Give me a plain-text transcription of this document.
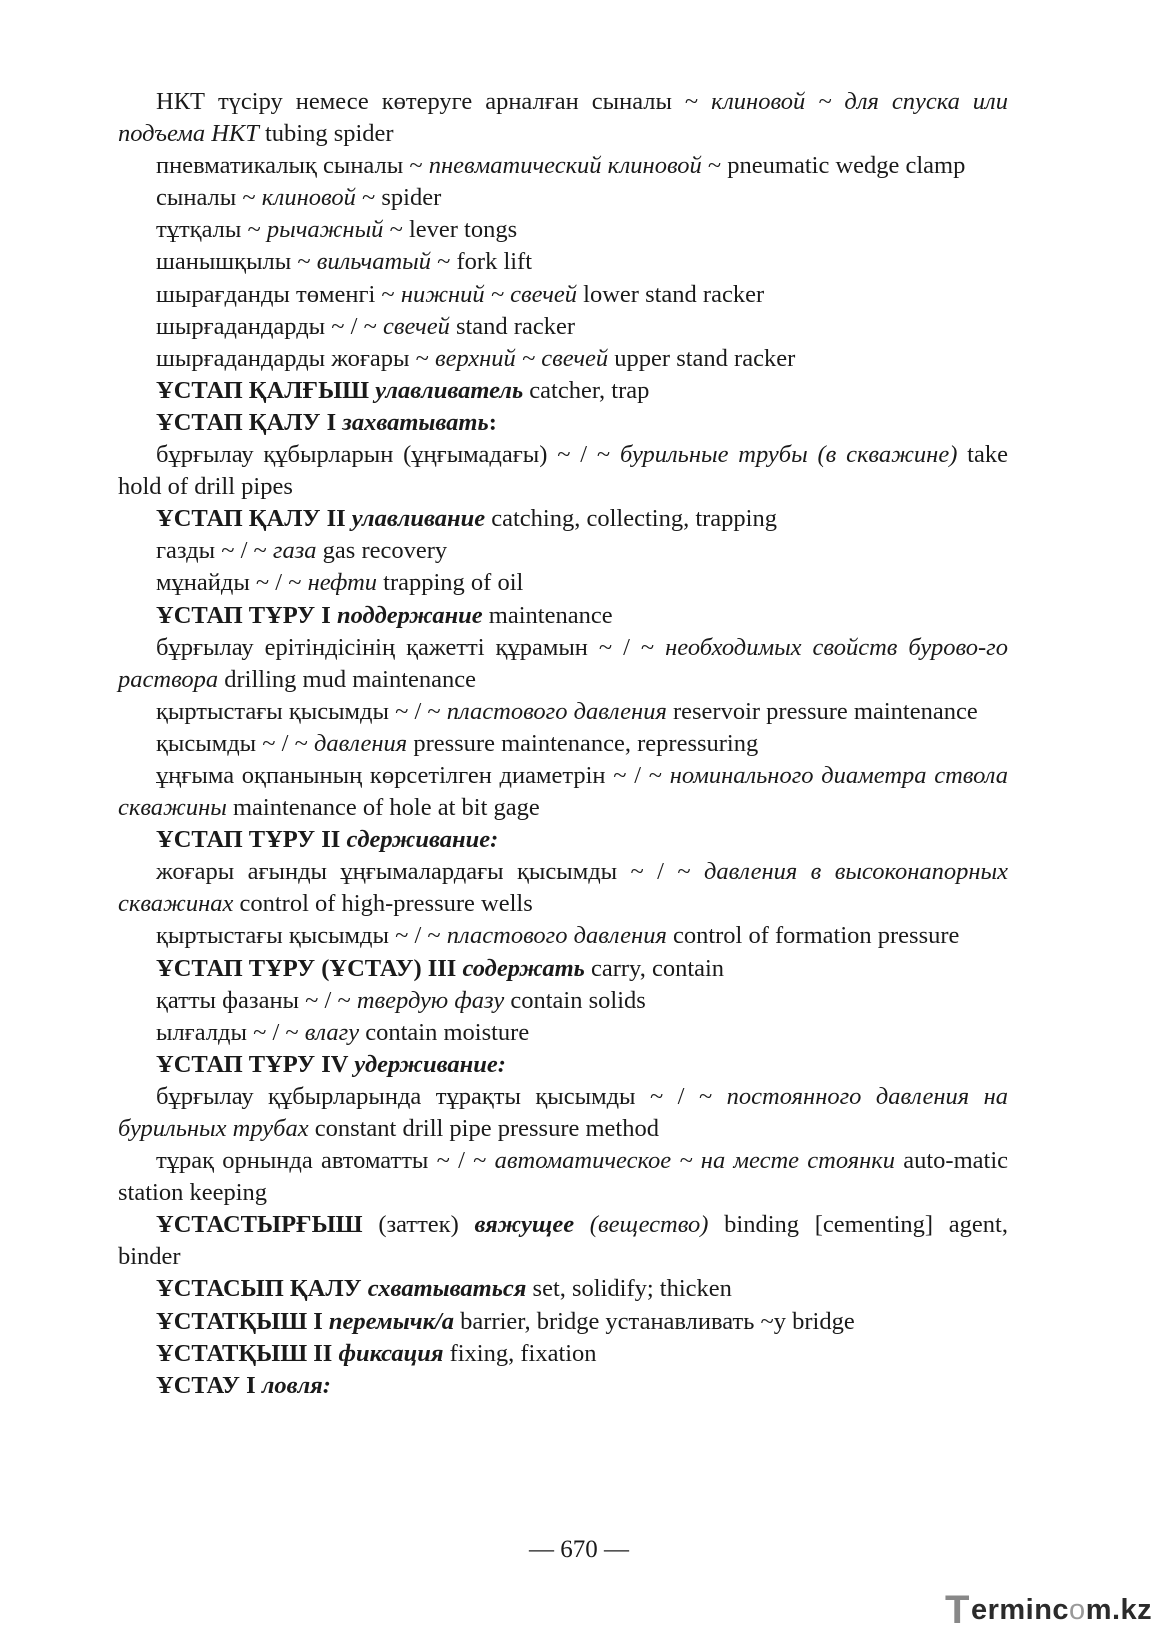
НКТ түсіру немесе көтеруге арналған сыналы ~ клиновой ~ для спуска или подъема НКТ tubing spider

пневматикалық сыналы ~ пневматический клиновой ~ pneumatic wedge clamp

сыналы ~ клиновой ~ spider

тұтқалы ~ рычажный ~ lever tongs

шанышқылы ~ вильчатый ~ fork lift

шырағданды төменгі ~ нижний ~ свечей lower stand racker

шырғадандарды ~ / ~ свечей stand racker

шырғадандарды жоғары ~ верхний ~ свечей upper stand racker

ҰСТАП ҚАЛҒЫШ улавливатель catcher, trap

ҰСТАП ҚАЛУ I захватывать:

бұрғылау құбырларын (ұңғымадағы) ~ / ~ бурильные трубы (в скважине) take hold of drill pipes

ҰСТАП ҚАЛУ II улавливание catching, collecting, trapping

газды ~ / ~ газа gas recovery

мұнайды ~ / ~ нефти trapping of oil

ҰСТАП ТҰРУ I поддержание maintenance

бұрғылау ерітіндісінің қажетті құрамын ~ / ~ необходимых свойств бурово-го раствора drilling mud maintenance

қыртыстағы қысымды ~ / ~ пластового давления reservoir pressure maintenance

қысымды ~ / ~ давления pressure maintenance, repressuring

ұңғыма оқпанының көрсетілген диаметрін ~ / ~ номинального диаметра ствола скважины maintenance of hole at bit gage

ҰСТАП ТҰРУ II сдерживание:

жоғары ағынды ұңғымалардағы қысымды ~ / ~ давления в высоконапорных скважинах control of high-pressure wells

қыртыстағы қысымды ~ / ~ пластового давления control of formation pressure

ҰСТАП ТҰРУ (ҰСТАУ) III содержать carry, contain

қатты фазаны ~ / ~ твердую фазу contain solids

ылғалды ~ / ~ влагу contain moisture

ҰСТАП ТҰРУ IV удерживание:

бұрғылау құбырларында тұрақты қысымды ~ / ~ постоянного давления на бурильных трубах constant drill pipe pressure method

тұрақ орнында автоматты ~ / ~ автоматическое ~ на месте стоянки auto-matic station keeping

ҰСТАСТЫРҒЫШ (заттек) вяжущее (вещество) binding [cementing] agent, binder

ҰСТАСЫП ҚАЛУ схватываться set, solidify; thicken

ҰСТАТҚЫШ I перемычк/а barrier, bridge устанавливать ~у bridge

ҰСТАТҚЫШ II фиксация fixing, fixation

ҰСТАУ I ловля:

— 670 —
T erminc o m.kz
